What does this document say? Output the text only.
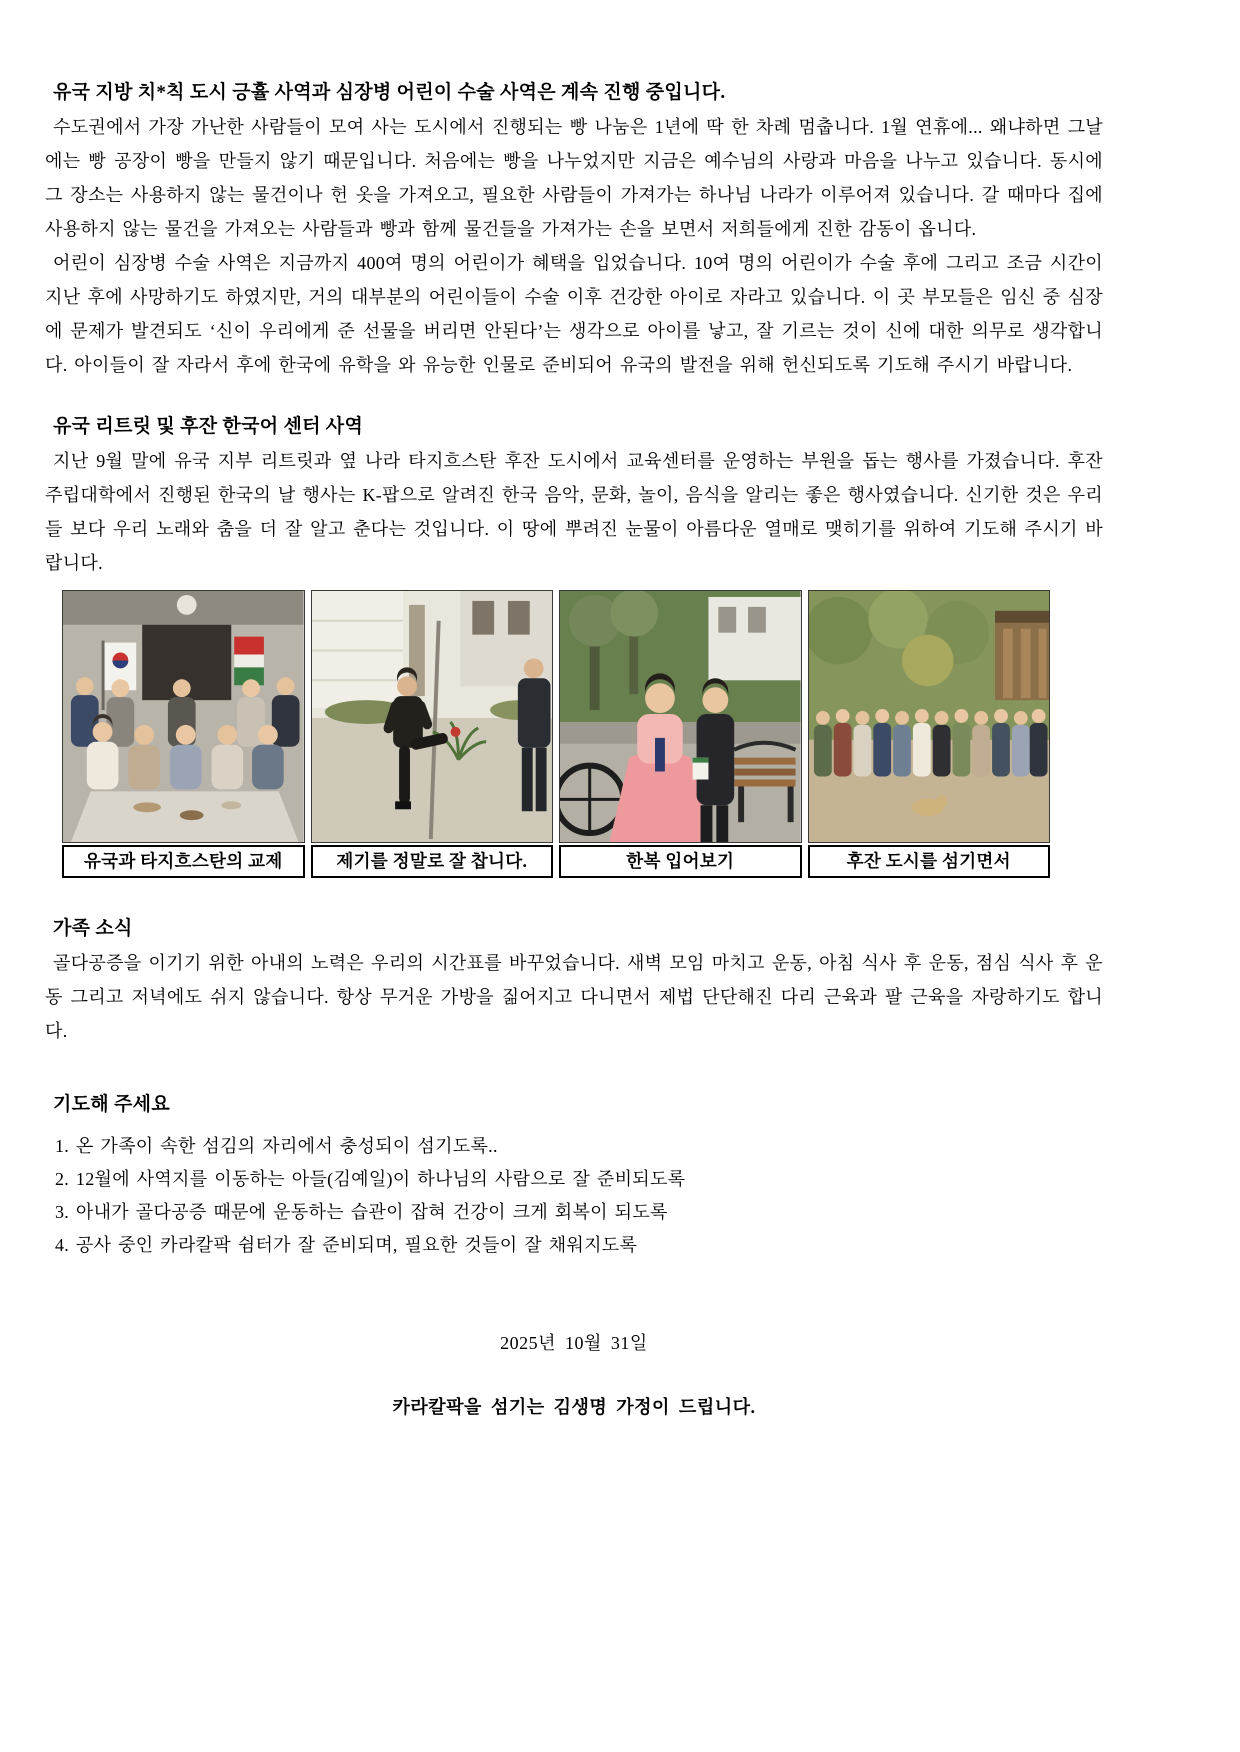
유국 지방 치*칙 도시 긍휼 사역과 심장병 어린이 수술 사역은 계속 진행 중입니다.
수도권에서 가장 가난한 사람들이 모여 사는 도시에서 진행되는 빵 나눔은 1년에 딱 한 차례 멈춥니다. 1월 연휴에... 왜냐하면 그날에는 빵 공장이 빵을 만들지 않기 때문입니다. 처음에는 빵을 나누었지만 지금은 예수님의 사랑과 마음을 나누고 있습니다. 동시에 그 장소는 사용하지 않는 물건이나 헌 옷을 가져오고, 필요한 사람들이 가져가는 하나님 나라가 이루어져 있습니다. 갈 때마다 집에 사용하지 않는 물건을 가져오는 사람들과 빵과 함께 물건들을 가져가는 손을 보면서 저희들에게 진한 감동이 옵니다.
어린이 심장병 수술 사역은 지금까지 400여 명의 어린이가 혜택을 입었습니다. 10여 명의 어린이가 수술 후에 그리고 조금 시간이 지난 후에 사망하기도 하였지만, 거의 대부분의 어린이들이 수술 이후 건강한 아이로 자라고 있습니다. 이 곳 부모들은 임신 중 심장에 문제가 발견되도 ‘신이 우리에게 준 선물을 버리면 안된다’는 생각으로 아이를 낳고, 잘 기르는 것이 신에 대한 의무로 생각합니다. 아이들이 잘 자라서 후에 한국에 유학을 와 유능한 인물로 준비되어 유국의 발전을 위해 헌신되도록 기도해 주시기 바랍니다.
유국 리트릿 및 후잔 한국어 센터 사역
지난 9월 말에 유국 지부 리트릿과 옆 나라 타지흐스탄 후잔 도시에서 교육센터를 운영하는 부원을 돕는 행사를 가졌습니다. 후잔 주립대학에서 진행된 한국의 날 행사는 K-팝으로 알려진 한국 음악, 문화, 놀이, 음식을 알리는 좋은 행사였습니다. 신기한 것은 우리들 보다 우리 노래와 춤을 더 잘 알고 춘다는 것입니다. 이 땅에 뿌려진 눈물이 아름다운 열매로 맺히기를 위하여 기도해 주시기 바랍니다.
유국과 타지흐스탄의 교제	제기를 정말로 잘 찹니다.	한복 입어보기	후잔 도시를 섬기면서
가족 소식
골다공증을 이기기 위한 아내의 노력은 우리의 시간표를 바꾸었습니다. 새벽 모임 마치고 운동, 아침 식사 후 운동, 점심 식사 후 운동 그리고 저녁에도 쉬지 않습니다. 항상 무거운 가방을 짊어지고 다니면서 제법 단단해진 다리 근육과 팔 근육을 자랑하기도 합니다.
기도해 주세요
1. 온 가족이 속한 섬김의 자리에서 충성되이 섬기도록..
2. 12월에 사역지를 이동하는 아들(김예일)이 하나님의 사람으로 잘 준비되도록
3. 아내가 골다공증 때문에 운동하는 습관이 잡혀 건강이 크게 회복이 되도록
4. 공사 중인 카라칼팍 쉼터가 잘 준비되며, 필요한 것들이 잘 채워지도록
2025년 10월 31일
카라칼팍을 섬기는 김생명 가정이 드립니다.
